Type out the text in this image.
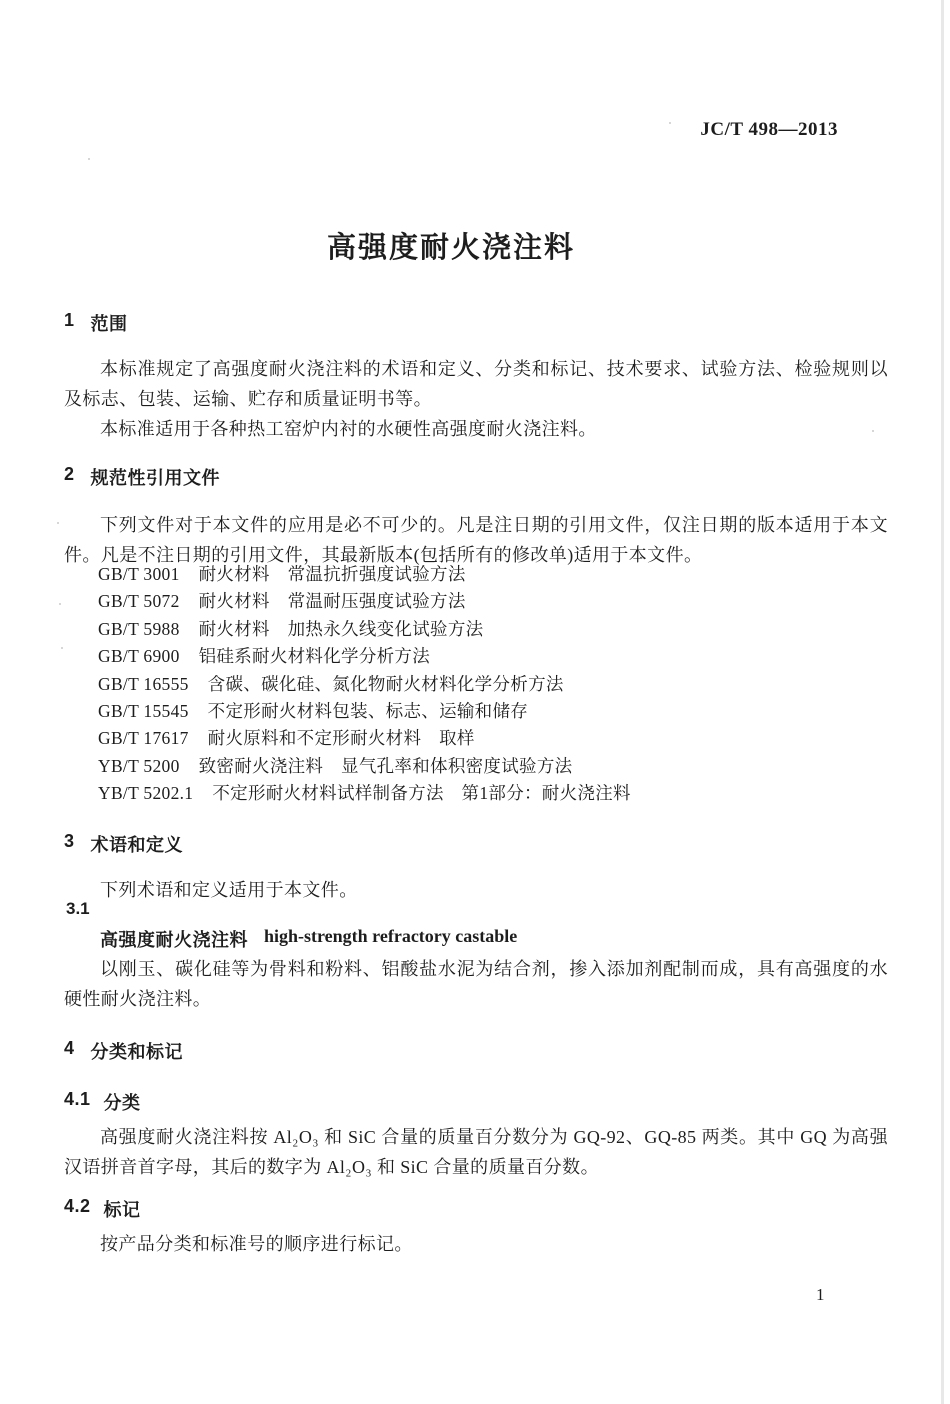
JC/T 498—2013
高强度耐火浇注料
1 范围

本标准规定了高强度耐火浇注料的术语和定义、分类和标记、技术要求、试验方法、检验规则以及标志、包装、运输、贮存和质量证明书等。

本标准适用于各种热工窑炉内衬的水硬性高强度耐火浇注料。

2 规范性引用文件

下列文件对于本文件的应用是必不可少的。凡是注日期的引用文件，仅注日期的版本适用于本文件。凡是不注日期的引用文件，其最新版本(包括所有的修改单)适用于本文件。

GB/T 3001 耐火材料　常温抗折强度试验方法
GB/T 5072 耐火材料　常温耐压强度试验方法
GB/T 5988 耐火材料　加热永久线变化试验方法
GB/T 6900 铝硅系耐火材料化学分析方法
GB/T 16555 含碳、碳化硅、氮化物耐火材料化学分析方法
GB/T 15545 不定形耐火材料包装、标志、运输和储存
GB/T 17617 耐火原料和不定形耐火材料　取样
YB/T 5200 致密耐火浇注料　显气孔率和体积密度试验方法
YB/T 5202.1 不定形耐火材料试样制备方法　第1部分：耐火浇注料
3 术语和定义

下列术语和定义适用于本文件。

3.1
高强度耐火浇注料 high-strength refractory castable

以刚玉、碳化硅等为骨料和粉料、铝酸盐水泥为结合剂，掺入添加剂配制而成，具有高强度的水硬性耐火浇注料。

4 分类和标记
4.1 分类

高强度耐火浇注料按 Al₂O₃ 和 SiC 合量的质量百分数分为 GQ-92、GQ-85 两类。其中 GQ 为高强汉语拼音首字母，其后的数字为 Al₂O₃ 和 SiC 合量的质量百分数。

4.2 标记

按产品分类和标准号的顺序进行标记。

1
